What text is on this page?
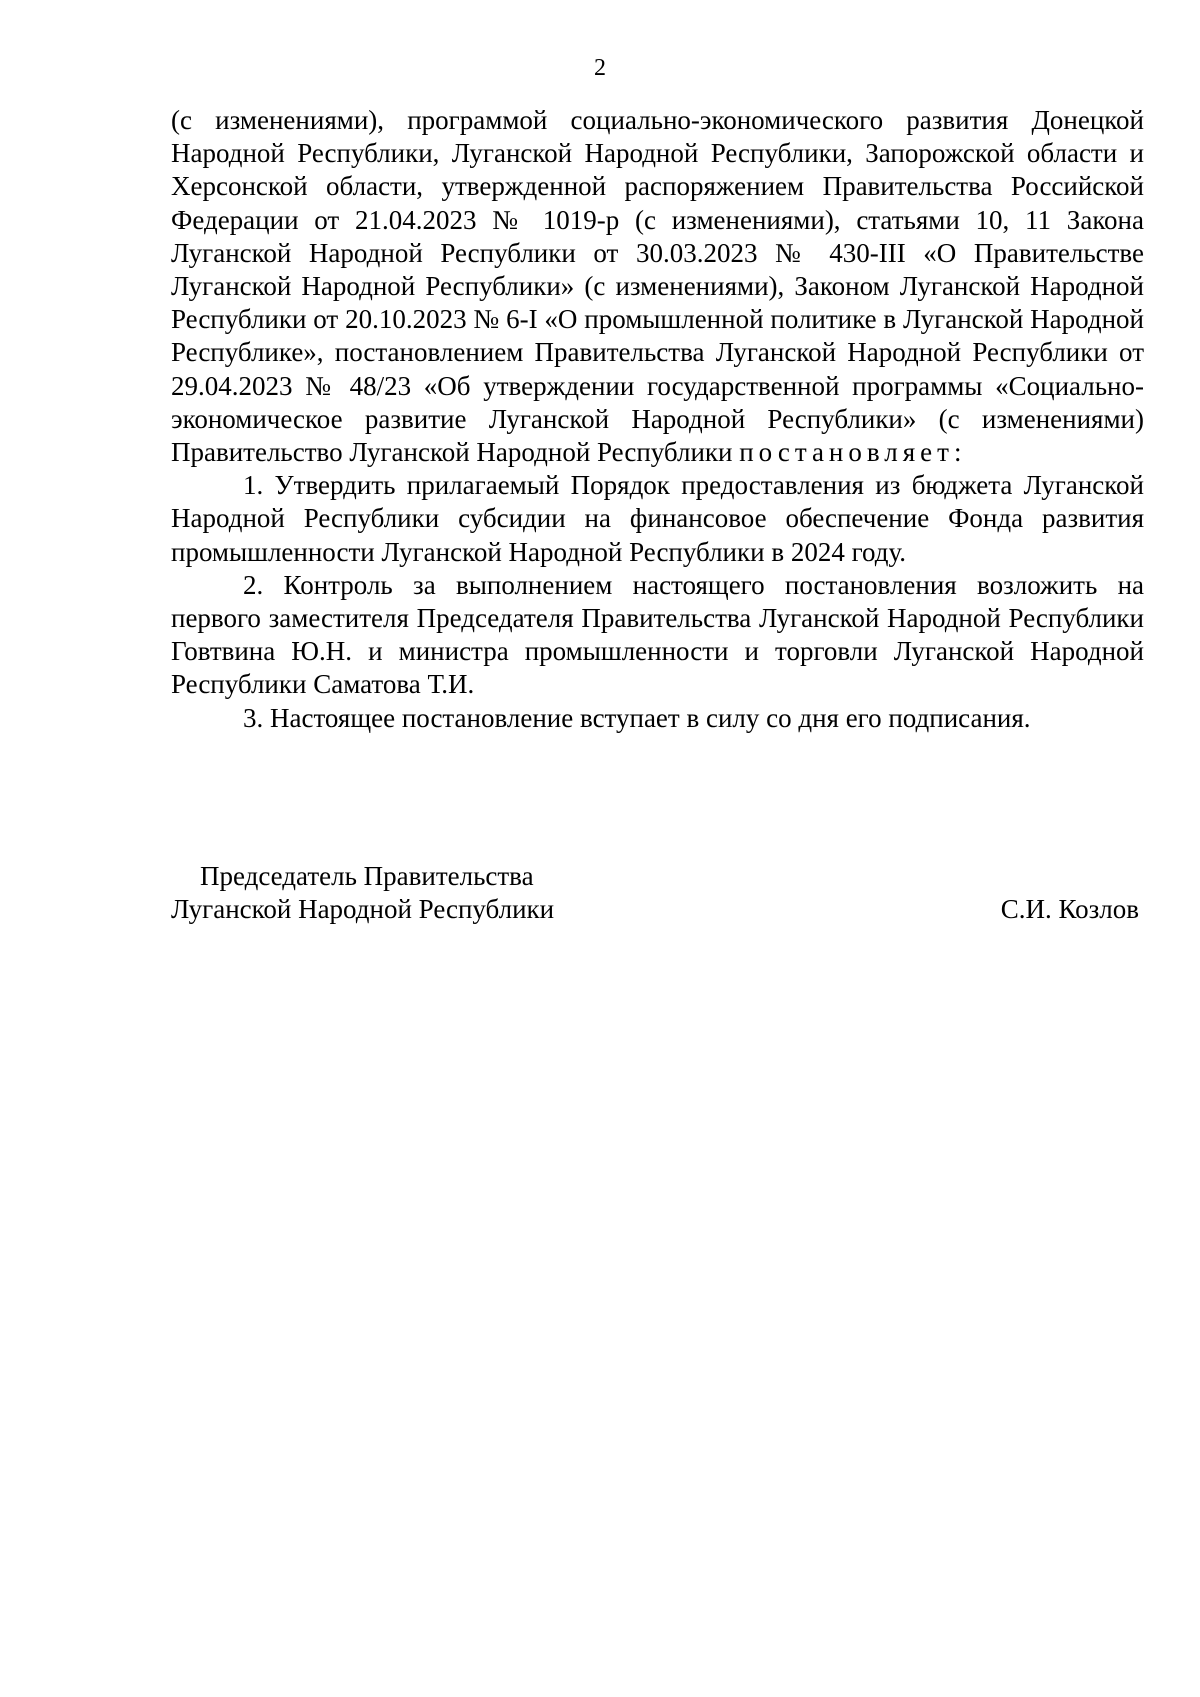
2

(с изменениями), программой социально-экономического развития Донецкой Народной Республики, Луганской Народной Республики, Запорожской области и Херсонской области, утвержденной распоряжением Правительства Российской Федерации от 21.04.2023 № 1019-р (с изменениями), статьями 10, 11 Закона Луганской Народной Республики от 30.03.2023 № 430-III «О Правительстве Луганской Народной Республики» (с изменениями), Законом Луганской Народной Республики от 20.10.2023 № 6-I «О промышленной политике в Луганской Народной Республике», постановлением Правительства Луганской Народной Республики от 29.04.2023 № 48/23 «Об утверждении государственной программы «Социально-экономическое развитие Луганской Народной Республики» (с изменениями) Правительство Луганской Народной Республики постановляет:

1. Утвердить прилагаемый Порядок предоставления из бюджета Луганской Народной Республики субсидии на финансовое обеспечение Фонда развития промышленности Луганской Народной Республики в 2024 году.

2. Контроль за выполнением настоящего постановления возложить на первого заместителя Председателя Правительства Луганской Народной Республики Говтвина Ю.Н. и министра промышленности и торговли Луганской Народной Республики Саматова Т.И.

3. Настоящее постановление вступает в силу со дня его подписания.

Председатель Правительства
Луганской Народной Республики	С.И. Козлов
